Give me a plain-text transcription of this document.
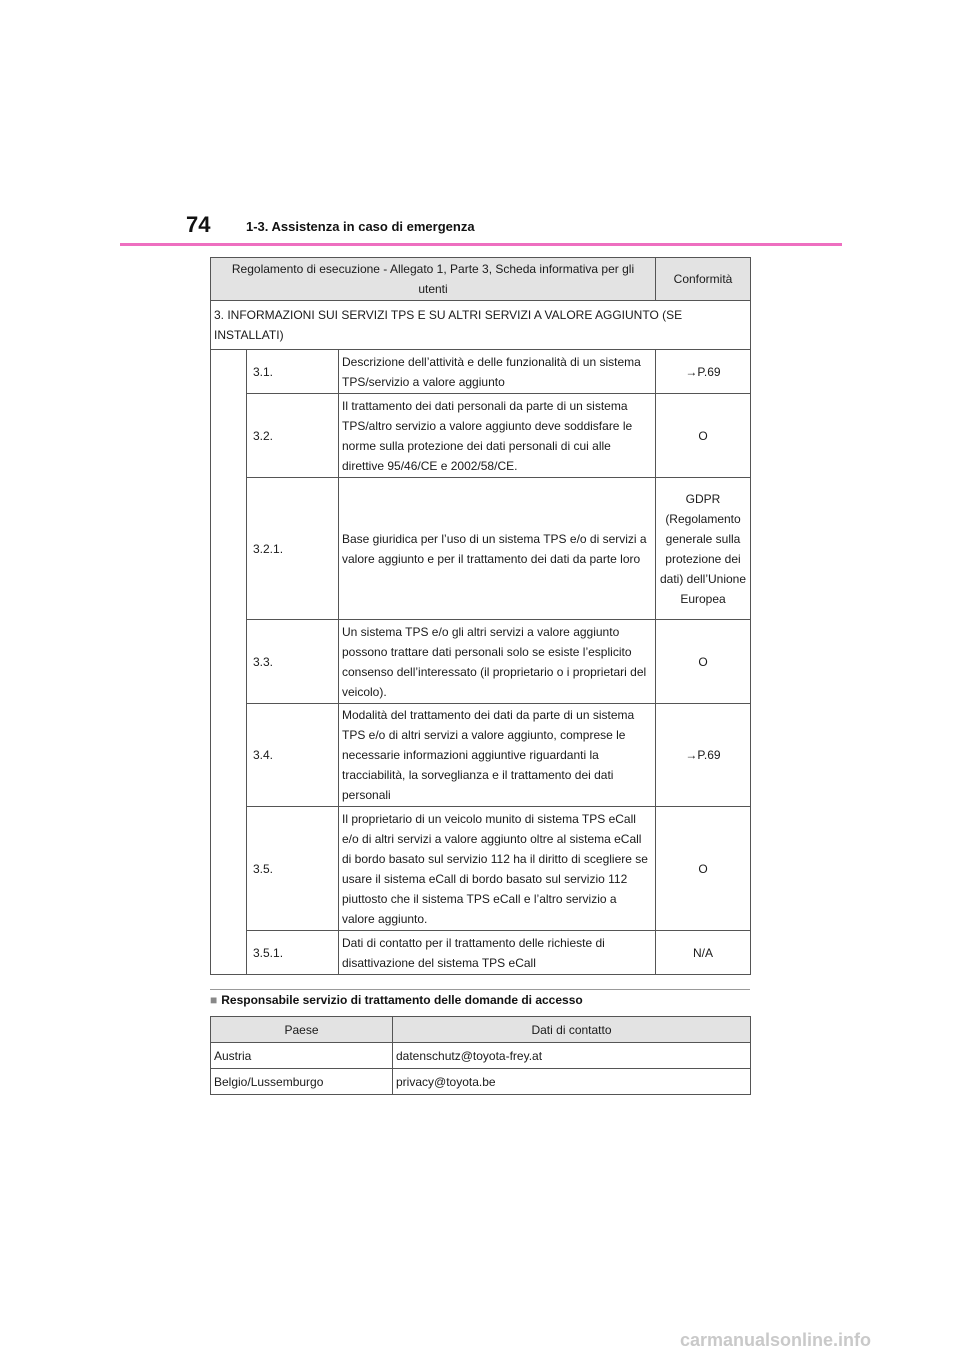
74	1-3. Assistenza in caso di emergenza
Regolamento di esecuzione - Allegato 1, Parte 3, Scheda informativa per gli utenti			Conformità
3. INFORMAZIONI SUI SERVIZI TPS E SU ALTRI SERVIZI A VALORE AGGIUNTO (SE INSTALLATI)			
	3.1.	Descrizione dell’attività e delle funzionalità di un sistema TPS/servizio a valore aggiunto	→P.69
	3.2.	Il trattamento dei dati personali da parte di un sistema TPS/altro servizio a valore aggiunto deve soddisfare le norme sulla protezione dei dati personali di cui alle direttive 95/46/CE e 2002/58/CE.	O
	3.2.1.	Base giuridica per l’uso di un sistema TPS e/o di servizi a valore aggiunto e per il trattamento dei dati da parte loro	GDPR (Regolamento generale sulla protezione dei dati) dell’Unione Europea
	3.3.	Un sistema TPS e/o gli altri servizi a valore aggiunto possono trattare dati personali solo se esiste l’esplicito consenso dell’interessato (il proprietario o i proprietari del veicolo).	O
	3.4.	Modalità del trattamento dei dati da parte di un sistema TPS e/o di altri servizi a valore aggiunto, comprese le necessarie informazioni aggiuntive riguardanti la tracciabilità, la sorveglianza e il trattamento dei dati personali	→P.69
	3.5.	Il proprietario di un veicolo munito di sistema TPS eCall e/o di altri servizi a valore aggiunto oltre al sistema eCall di bordo basato sul servizio 112 ha il diritto di scegliere se usare il sistema eCall di bordo basato sul servizio 112 piuttosto che il sistema TPS eCall e l’altro servizio a valore aggiunto.	O
	3.5.1.	Dati di contatto per il trattamento delle richieste di disattivazione del sistema TPS eCall	N/A
■ Responsabile servizio di trattamento delle domande di accesso
Paese	Dati di contatto
Austria	datenschutz@toyota-frey.at
Belgio/Lussemburgo	privacy@toyota.be
carmanualsonline.info
